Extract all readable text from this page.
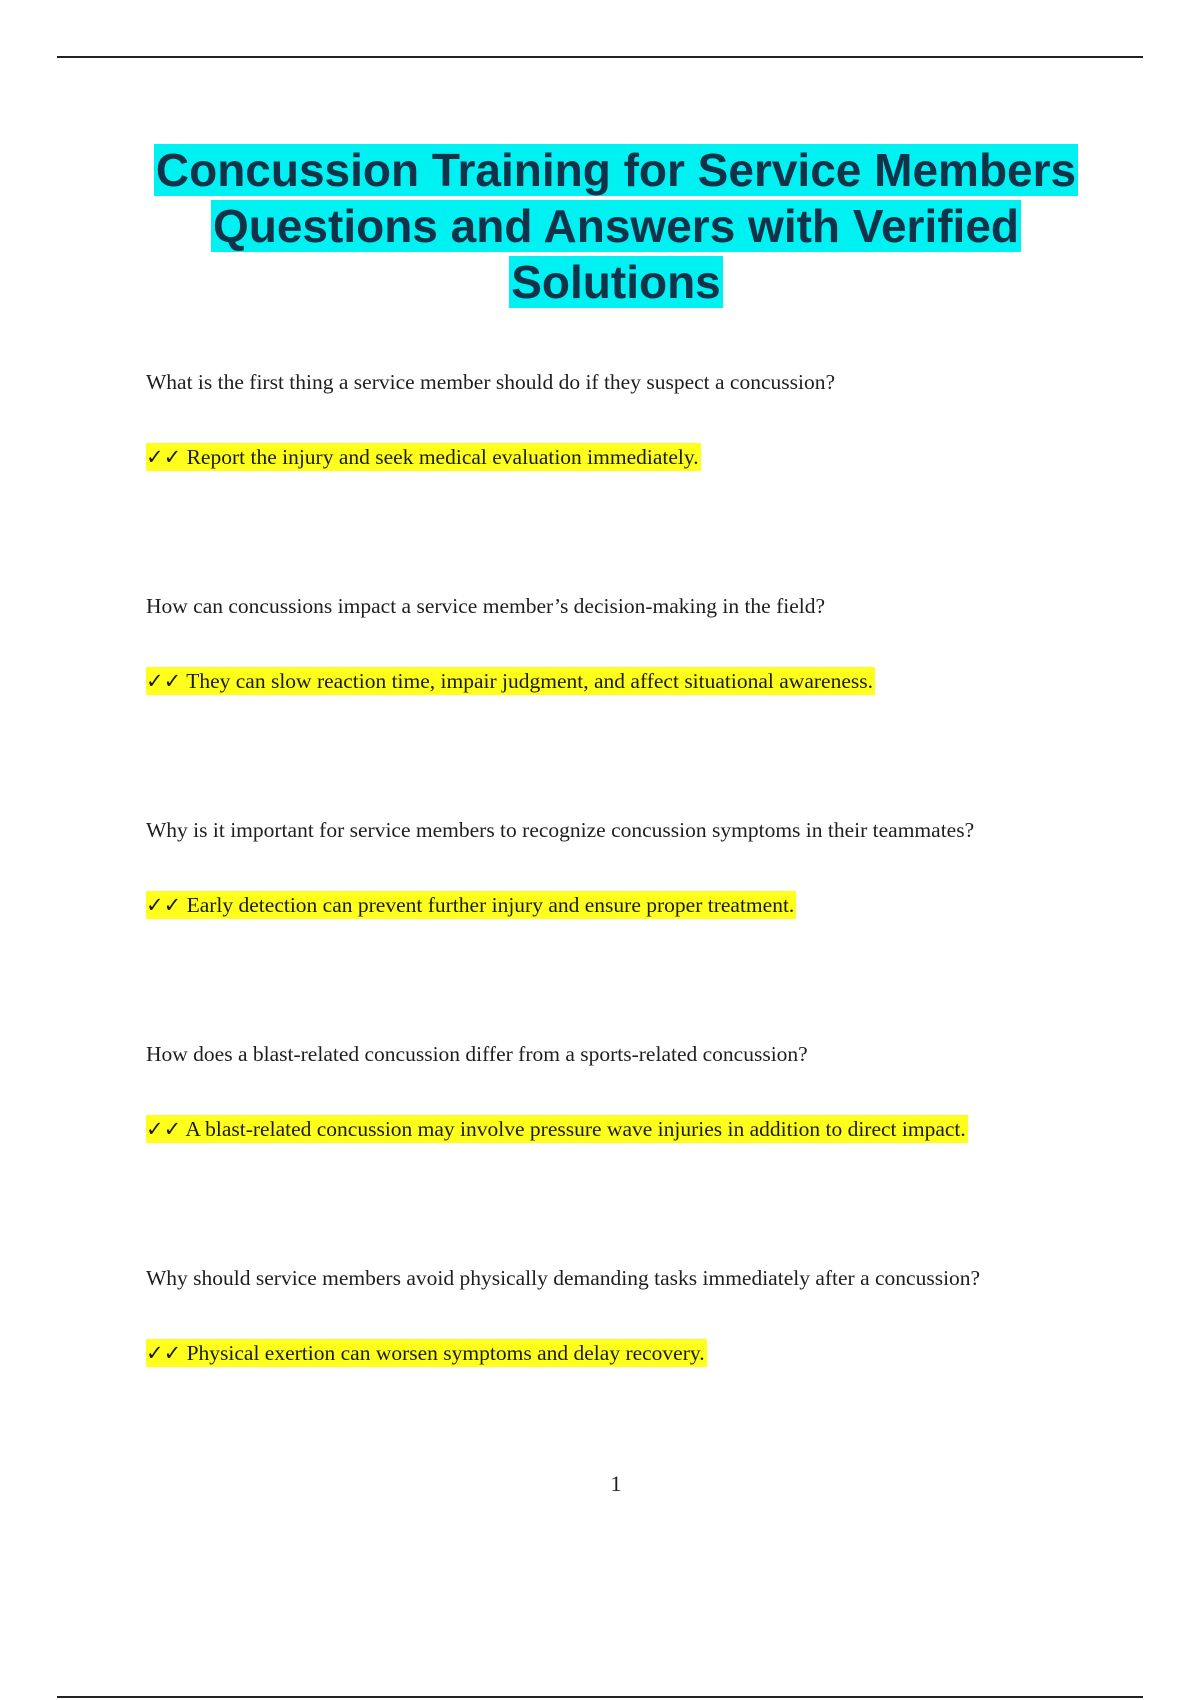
Concussion Training for Service Members Questions and Answers with Verified Solutions

What is the first thing a service member should do if they suspect a concussion?

✓✓ Report the injury and seek medical evaluation immediately.

How can concussions impact a service member’s decision-making in the field?

✓✓ They can slow reaction time, impair judgment, and affect situational awareness.

Why is it important for service members to recognize concussion symptoms in their teammates?

✓✓ Early detection can prevent further injury and ensure proper treatment.

How does a blast-related concussion differ from a sports-related concussion?

✓✓ A blast-related concussion may involve pressure wave injuries in addition to direct impact.

Why should service members avoid physically demanding tasks immediately after a concussion?

✓✓ Physical exertion can worsen symptoms and delay recovery.

1
